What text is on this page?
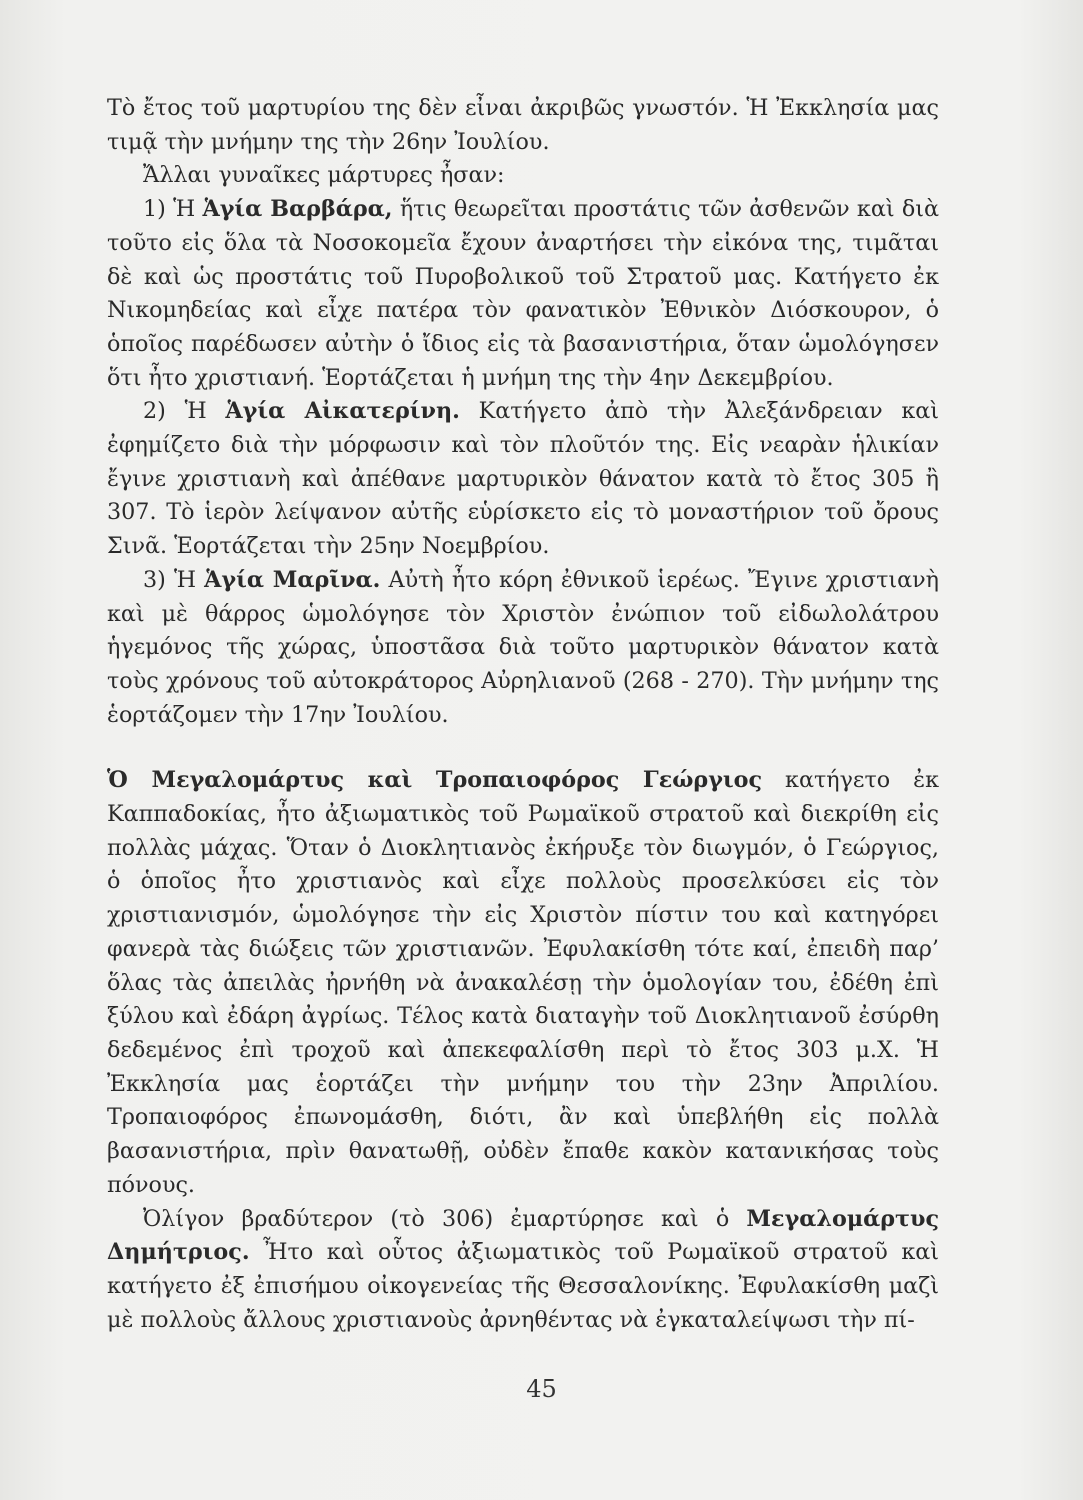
Τὸ ἔτος τοῦ μαρτυρίου της δὲν εἶναι ἀκριβῶς γνωστόν. Ἡ Ἐκκλησία μας τιμᾷ τὴν μνήμην της τὴν 26ην Ἰουλίου.

Ἄλλαι γυναῖκες μάρτυρες ἦσαν:

1) Ἡ Ἁγία Βαρβάρα, ἥτις θεωρεῖται προστάτις τῶν ἀσθενῶν καὶ διὰ τοῦτο εἰς ὅλα τὰ Νοσοκομεῖα ἔχουν ἀναρτήσει τὴν εἰκόνα της, τιμᾶται δὲ καὶ ὡς προστάτις τοῦ Πυροβολικοῦ τοῦ Στρατοῦ μας. Κατήγετο ἐκ Νικομηδείας καὶ εἶχε πατέρα τὸν φανατικὸν Ἐθνικὸν Διόσκουρον, ὁ ὁποῖος παρέδωσεν αὐτὴν ὁ ἴδιος εἰς τὰ βασανιστήρια, ὅταν ὡμολόγησεν ὅτι ἦτο χριστιανή. Ἑορτάζεται ἡ μνήμη της τὴν 4ην Δεκεμβρίου.

2) Ἡ Ἁγία Αἰκατερίνη. Κατήγετο ἀπὸ τὴν Ἀλεξάνδρειαν καὶ ἐφημίζετο διὰ τὴν μόρφωσιν καὶ τὸν πλοῦτόν της. Εἰς νεαρὰν ἡλικίαν ἔγινε χριστιανὴ καὶ ἀπέθανε μαρτυρικὸν θάνατον κατὰ τὸ ἔτος 305 ἢ 307. Τὸ ἱερὸν λείψανον αὐτῆς εὑρίσκετο εἰς τὸ μοναστήριον τοῦ ὄρους Σινᾶ. Ἑορτάζεται τὴν 25ην Νοεμβρίου.

3) Ἡ Ἁγία Μαρῖνα. Αὐτὴ ἦτο κόρη ἐθνικοῦ ἱερέως. Ἔγινε χριστιανὴ καὶ μὲ θάρρος ὡμολόγησε τὸν Χριστὸν ἐνώπιον τοῦ εἰδωλολάτρου ἡγεμόνος τῆς χώρας, ὑποστᾶσα διὰ τοῦτο μαρτυρικὸν θάνατον κατὰ τοὺς χρόνους τοῦ αὐτοκράτορος Αὐρηλιανοῦ (268 - 270). Τὴν μνήμην της ἑορτάζομεν τὴν 17ην Ἰουλίου.

Ὁ Μεγαλομάρτυς καὶ Τροπαιοφόρος Γεώργιος κατήγετο ἐκ Καππαδοκίας, ἦτο ἀξιωματικὸς τοῦ Ρωμαϊκοῦ στρατοῦ καὶ διεκρίθη εἰς πολλὰς μάχας. Ὅταν ὁ Διοκλητιανὸς ἐκήρυξε τὸν διωγμόν, ὁ Γεώργιος, ὁ ὁποῖος ἦτο χριστιανὸς καὶ εἶχε πολλοὺς προσελκύσει εἰς τὸν χριστιανισμόν, ὡμολόγησε τὴν εἰς Χριστὸν πίστιν του καὶ κατηγόρει φανερὰ τὰς διώξεις τῶν χριστιανῶν. Ἐφυλακίσθη τότε καί, ἐπειδὴ παρ’ ὅλας τὰς ἀπειλὰς ἠρνήθη νὰ ἀνακαλέσῃ τὴν ὁμολογίαν του, ἐδέθη ἐπὶ ξύλου καὶ ἐδάρη ἀγρίως. Τέλος κατὰ διαταγὴν τοῦ Διοκλητιανοῦ ἐσύρθη δεδεμένος ἐπὶ τροχοῦ καὶ ἀπεκεφαλίσθη περὶ τὸ ἔτος 303 μ.Χ. Ἡ Ἐκκλησία μας ἑορτάζει τὴν μνήμην του τὴν 23ην Ἀπριλίου. Τροπαιοφόρος ἐπωνομάσθη, διότι, ἂν καὶ ὑπεβλήθη εἰς πολλὰ βασανιστήρια, πρὶν θανατωθῇ, οὐδὲν ἔπαθε κακὸν κατανικήσας τοὺς πόνους.

Ὀλίγον βραδύτερον (τὸ 306) ἐμαρτύρησε καὶ ὁ Μεγαλομάρτυς Δημήτριος. Ἦτο καὶ οὗτος ἀξιωματικὸς τοῦ Ρωμαϊκοῦ στρατοῦ καὶ κατήγετο ἐξ ἐπισήμου οἰκογενείας τῆς Θεσσαλονίκης. Ἐφυλακίσθη μαζὶ μὲ πολλοὺς ἄλλους χριστιανοὺς ἀρνηθέντας νὰ ἐγκαταλείψωσι τὴν πί-

45
